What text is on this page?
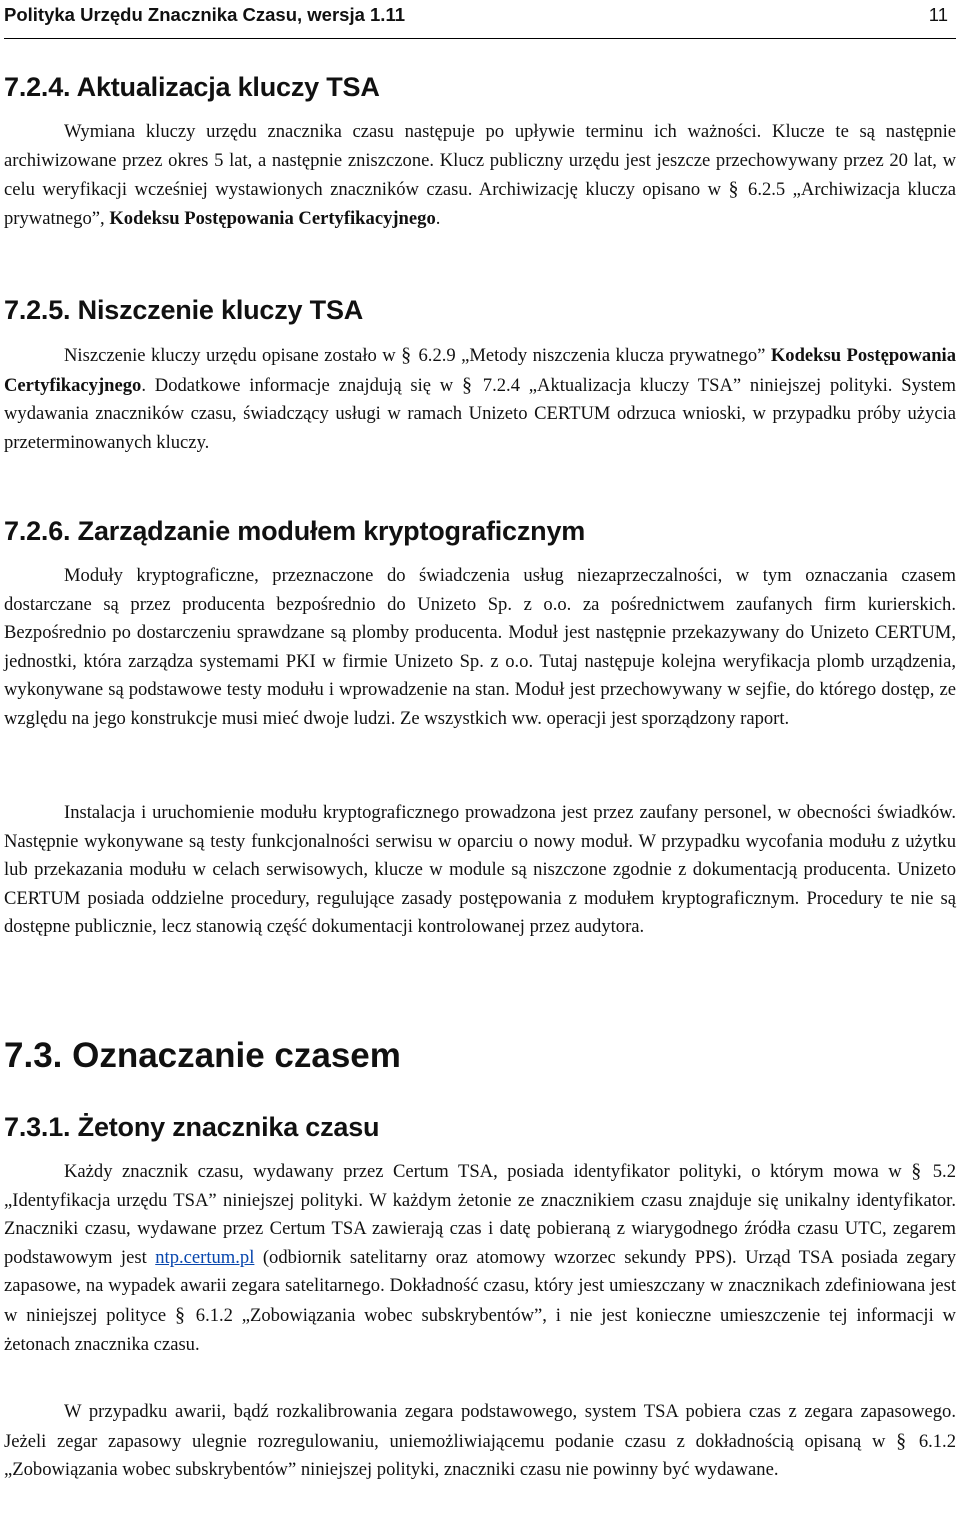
Polityka Urzędu Znacznika Czasu, wersja 1.11	11
7.2.4. Aktualizacja kluczy TSA

Wymiana kluczy urzędu znacznika czasu następuje po upływie terminu ich ważności. Klucze te są następnie archiwizowane przez okres 5 lat, a następnie zniszczone. Klucz publiczny urzędu jest jeszcze przechowywany przez 20 lat, w celu weryfikacji wcześniej wystawionych znaczników czasu. Archiwizację kluczy opisano w § 6.2.5 „Archiwizacja klucza prywatnego”, Kodeksu Postępowania Certyfikacyjnego.

7.2.5. Niszczenie kluczy TSA

Niszczenie kluczy urzędu opisane zostało w § 6.2.9 „Metody niszczenia klucza prywatnego” Kodeksu Postępowania Certyfikacyjnego. Dodatkowe informacje znajdują się w § 7.2.4 „Aktualizacja kluczy TSA” niniejszej polityki. System wydawania znaczników czasu, świadczący usługi w ramach Unizeto CERTUM odrzuca wnioski, w przypadku próby użycia przeterminowanych kluczy.

7.2.6. Zarządzanie modułem kryptograficznym

Moduły kryptograficzne, przeznaczone do świadczenia usług niezaprzeczalności, w tym oznaczania czasem dostarczane są przez producenta bezpośrednio do Unizeto Sp. z o.o. za pośrednictwem zaufanych firm kurierskich. Bezpośrednio po dostarczeniu sprawdzane są plomby producenta. Moduł jest następnie przekazywany do Unizeto CERTUM, jednostki, która zarządza systemami PKI w firmie Unizeto Sp. z o.o. Tutaj następuje kolejna weryfikacja plomb urządzenia, wykonywane są podstawowe testy modułu i wprowadzenie na stan. Moduł jest przechowywany w sejfie, do którego dostęp, ze względu na jego konstrukcje musi mieć dwoje ludzi. Ze wszystkich ww. operacji jest sporządzony raport.

Instalacja i uruchomienie modułu kryptograficznego prowadzona jest przez zaufany personel, w obecności świadków. Następnie wykonywane są testy funkcjonalności serwisu w oparciu o nowy moduł. W przypadku wycofania modułu z użytku lub przekazania modułu w celach serwisowych, klucze w module są niszczone zgodnie z dokumentacją producenta. Unizeto CERTUM posiada oddzielne procedury, regulujące zasady postępowania z modułem kryptograficznym. Procedury te nie są dostępne publicznie, lecz stanowią część dokumentacji kontrolowanej przez audytora.

7.3. Oznaczanie czasem
7.3.1. Żetony znacznika czasu

Każdy znacznik czasu, wydawany przez Certum TSA, posiada identyfikator polityki, o którym mowa w § 5.2 „Identyfikacja urzędu TSA” niniejszej polityki. W każdym żetonie ze znacznikiem czasu znajduje się unikalny identyfikator. Znaczniki czasu, wydawane przez Certum TSA zawierają czas i datę pobieraną z wiarygodnego źródła czasu UTC, zegarem podstawowym jest ntp.certum.pl (odbiornik satelitarny oraz atomowy wzorzec sekundy PPS). Urząd TSA posiada zegary zapasowe, na wypadek awarii zegara satelitarnego. Dokładność czasu, który jest umieszczany w znacznikach zdefiniowana jest w niniejszej polityce § 6.1.2 „Zobowiązania wobec subskrybentów”, i nie jest konieczne umieszczenie tej informacji w żetonach znacznika czasu.

W przypadku awarii, bądź rozkalibrowania zegara podstawowego, system TSA pobiera czas z zegara zapasowego. Jeżeli zegar zapasowy ulegnie rozregulowaniu, uniemożliwiającemu podanie czasu z dokładnością opisaną w § 6.1.2 „Zobowiązania wobec subskrybentów” niniejszej polityki, znaczniki czasu nie powinny być wydawane.
